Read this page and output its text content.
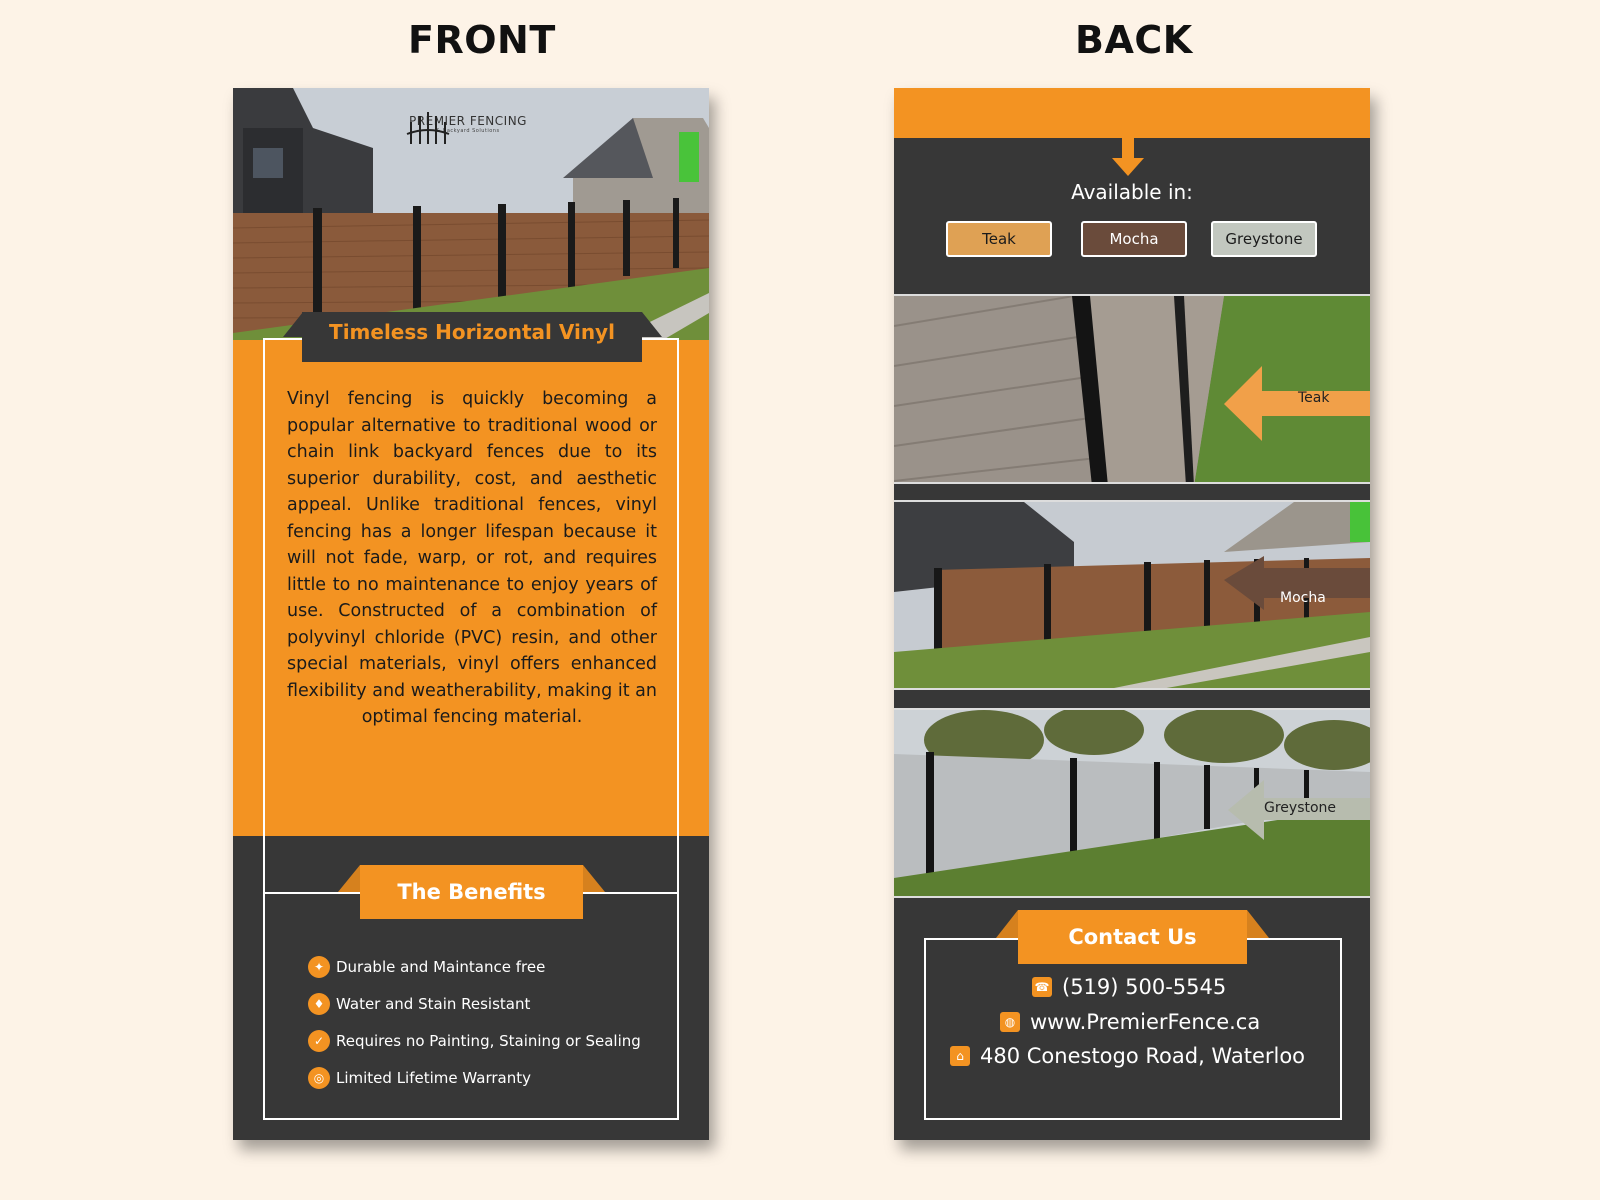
FRONT	BACK
PREMIER FENCING
& Backyard Solutions
Timeless Horizontal Vinyl
Vinyl fencing is quickly becoming a popular alternative to traditional wood or chain link backyard fences due to its superior durability, cost, and aesthetic appeal. Unlike traditional fences, vinyl fencing has a longer lifespan because it will not fade, warp, or rot, and requires little to no maintenance to enjoy years of use. Constructed of a combination of polyvinyl chloride (PVC) resin, and other special materials, vinyl offers enhanced flexibility and weatherability, making it an optimal fencing material.
The Benefits
✦ Durable and Maintance free
♦ Water and Stain Resistant
✓ Requires no Painting, Staining or Sealing
◎ Limited Lifetime Warranty
Available in:
Teak	Mocha	Greystone
Teak
Mocha
Greystone
Contact Us
☎ (519) 500-5545
◍ www.PremierFence.ca
⌂ 480 Conestogo Road, Waterloo
